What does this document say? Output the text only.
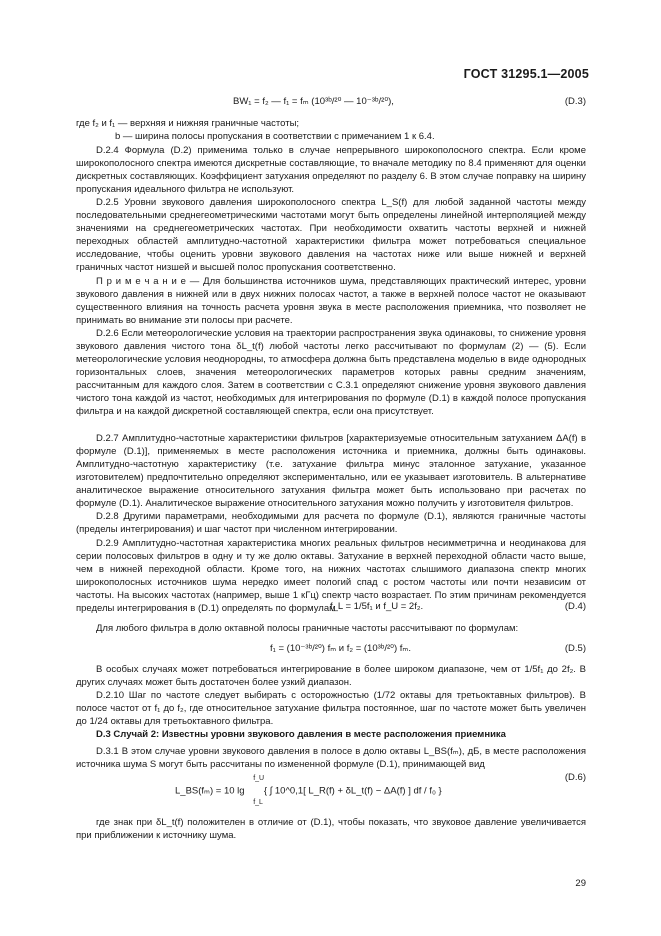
ГОСТ 31295.1—2005
BW₁ = f₂ — f₁ = fₘ (10³ᵇ/²⁰ — 10⁻³ᵇ/²⁰),	(D.3)
где f₂ и f₁ — верхняя и нижняя граничные частоты;
b — ширина полосы пропускания в соответствии с примечанием 1 к 6.4.
D.2.4 Формула (D.2) применима только в случае непрерывного широкополосного спектра. Если кроме широкополосного спектра имеются дискретные составляющие, то вначале методику по 8.4 применяют для оценки дискретных составляющих. Коэффициент затухания определяют по разделу 6. В этом случае поправку на ширину пропускания идеального фильтра не используют.
D.2.5 Уровни звукового давления широкополосного спектра L_S(f) для любой заданной частоты между последовательными среднегеометрическими частотами могут быть определены линейной интерполяцией между значениями на среднегеометрических частотах. При необходимости охватить частоты верхней и нижней переходных областей амплитудно-частотной характеристики фильтра может потребоваться специальное исследование, чтобы оценить уровни звукового давления на частотах ниже или выше нижней и верхней граничных частот низшей и высшей полос пропускания соответственно.
П р и м е ч а н и е — Для большинства источников шума, представляющих практический интерес, уровни звукового давления в нижней или в двух нижних полосах частот, а также в верхней полосе частот не оказывают существенного влияния на точность расчета уровня звука в месте расположения приемника, что позволяет не принимать во внимание эти полосы при расчете.
D.2.6 Если метеорологические условия на траектории распространения звука одинаковы, то снижение уровня звукового давления чистого тона δL_t(f) любой частоты легко рассчитывают по формулам (2) — (5). Если метеорологические условия неоднородны, то атмосфера должна быть представлена моделью в виде однородных горизонтальных слоев, значения метеорологических параметров которых равны средним значениям, рассчитанным для каждого слоя. Затем в соответствии с С.3.1 определяют снижение уровня звукового давления чистого тона каждой из частот, необходимых для интегрирования по формуле (D.1) в каждой полосе пропускания фильтра и на каждой дискретной составляющей спектра, если она присутствует.
D.2.7 Амплитудно-частотные характеристики фильтров [характеризуемые относительным затуханием ΔA(f) в формуле (D.1)], применяемых в месте расположения источника и приемника, должны быть одинаковы. Амплитудно-частотную характеристику (т.е. затухание фильтра минус эталонное затухание, указанное изготовителем) предпочтительно определяют экспериментально, или ее указывает изготовитель. В альтернативе аналитическое выражение относительного затухания фильтра может быть использовано при расчетах по формуле (D.1). Аналитическое выражение относительного затухания можно получить у изготовителя фильтров.
D.2.8 Другими параметрами, необходимыми для расчета по формуле (D.1), являются граничные частоты (пределы интегрирования) и шаг частот при численном интегрировании.
D.2.9 Амплитудно-частотная характеристика многих реальных фильтров несимметрична и неодинакова для серии полосовых фильтров в одну и ту же долю октавы. Затухание в верхней переходной области часто выше, чем в нижней переходной области. Кроме того, на нижних частотах слышимого диапазона спектр многих широкополосных источников шума нередко имеет пологий спад с ростом частоты или почти независим от частоты. На высоких частотах (например, выше 1 кГц) спектр часто возрастает. По этим причинам рекомендуется пределы интегрирования в (D.1) определять по формулам
f_L = 1/5f₁ и f_U = 2f₂.	(D.4)
Для любого фильтра в долю октавной полосы граничные частоты рассчитывают по формулам:
f₁ = (10⁻³ᵇ/²⁰) fₘ и f₂ = (10³ᵇ/²⁰) fₘ.	(D.5)
В особых случаях может потребоваться интегрирование в более широком диапазоне, чем от 1/5f₁ до 2f₂. В других случаях может быть достаточен более узкий диапазон.
D.2.10 Шаг по частоте следует выбирать с осторожностью (1/72 октавы для третьоктавных фильтров). В полосе частот от f₁ до f₂, где относительное затухание фильтра постоянное, шаг по частоте может быть увеличен до 1/24 октавы для третьоктавного фильтра.
D.3 Случай 2: Известны уровни звукового давления в месте расположения приемника
D.3.1 В этом случае уровни звукового давления в полосе в долю октавы L_BS(fₘ), дБ, в месте расположения источника шума S могут быть рассчитаны по измененной формуле (D.1), принимающей вид
L_BS(fₘ) = 10 lg
f_U
f_L
{ ∫ 10^0,1[ L_R(f) + δL_t(f) − ΔA(f) ] df / f₀ }
(D.6)
где знак при δL_t(f) положителен в отличие от (D.1), чтобы показать, что звуковое давление увеличивается при приближении к источнику шума.
29
